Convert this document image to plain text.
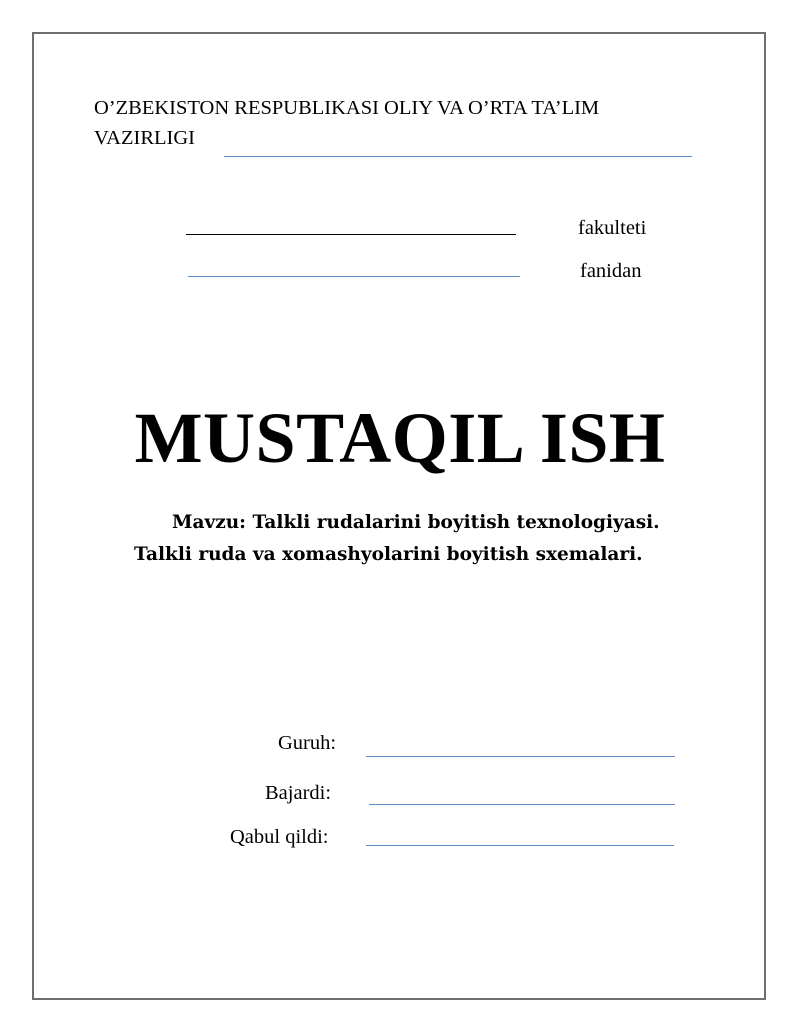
O’ZBEKISTON RESPUBLIKASI OLIY VA O’RTA TA’LIM
VAZIRLIGI
fakulteti
fanidan
MUSTAQIL ISH
Mavzu: Talkli rudalarini boyitish texnologiyasi.
Talkli ruda va xomashyolarini boyitish sxemalari.
Guruh:
Bajardi:
Qabul qildi:
